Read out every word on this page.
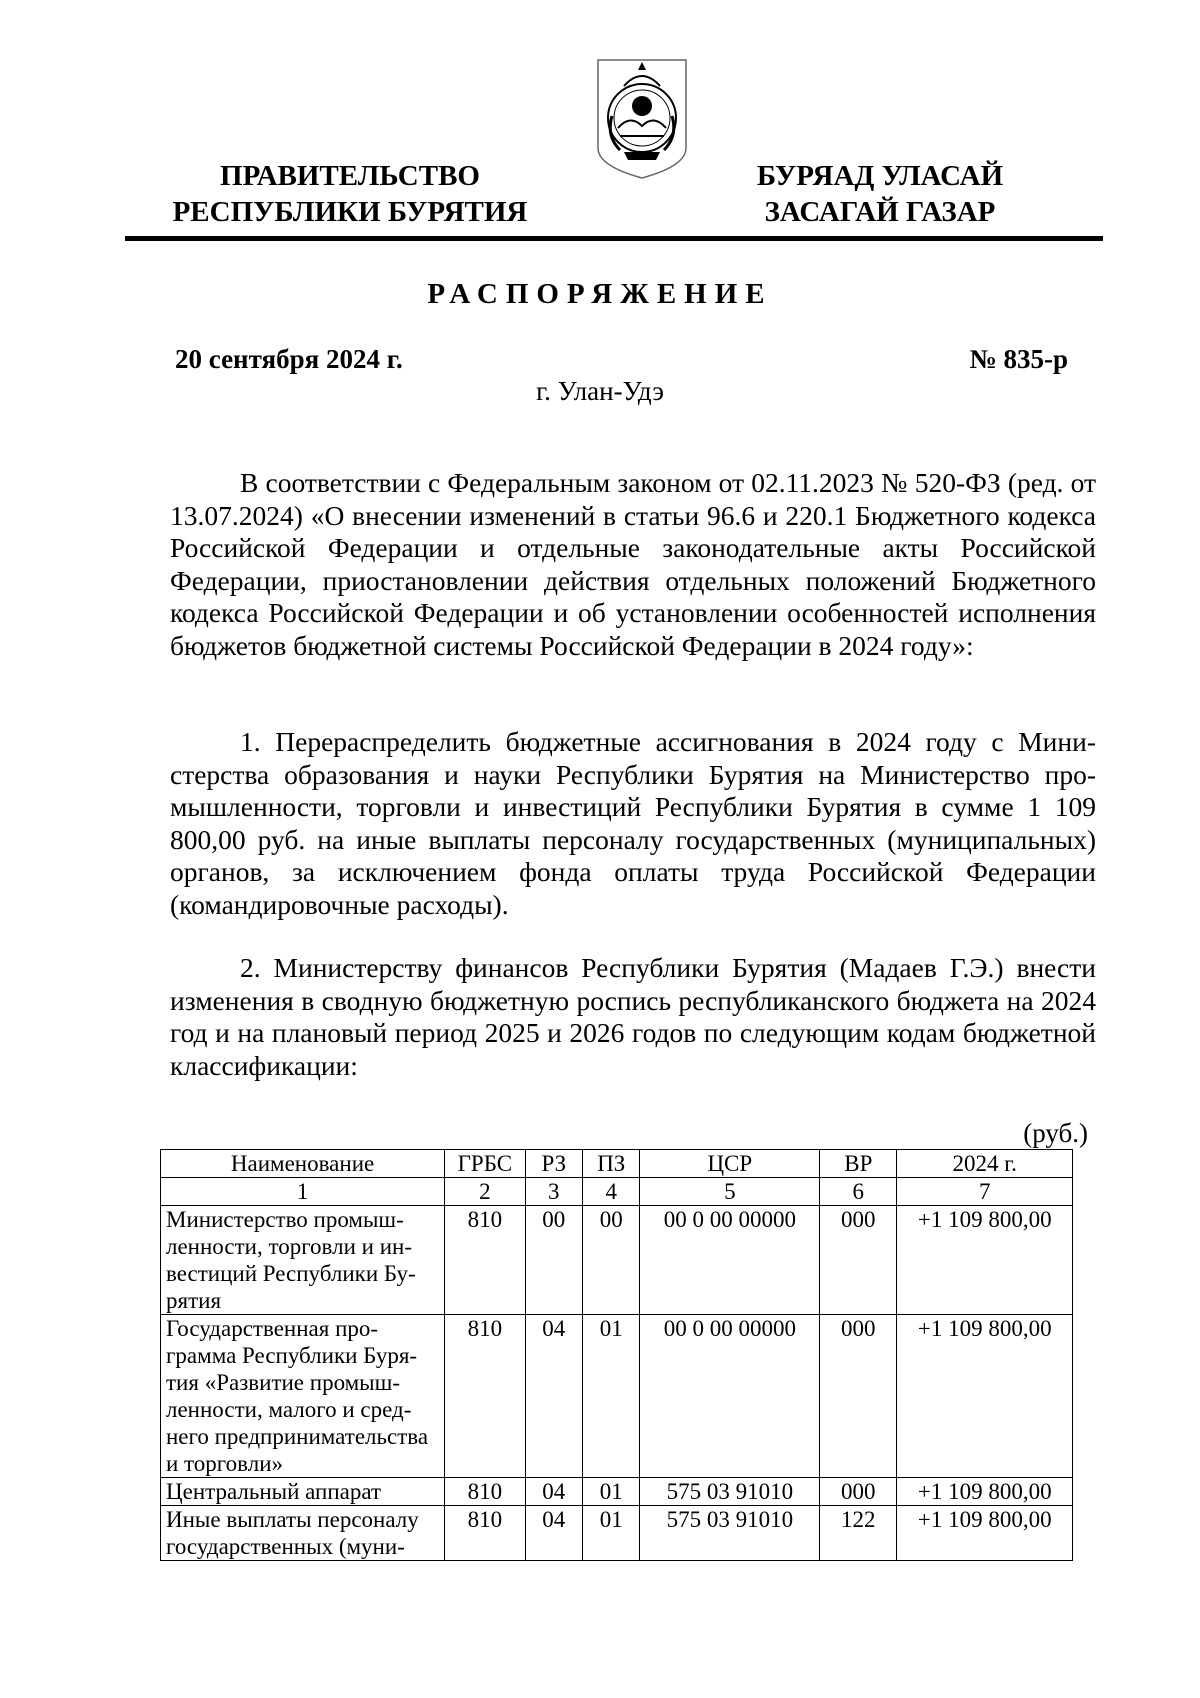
ПРАВИТЕЛЬСТВО
РЕСПУБЛИКИ БУРЯТИЯ
БУРЯАД УЛАСАЙ
ЗАСАГАЙ ГАЗАР
РАСПОРЯЖЕНИЕ
20 сентября 2024 г.	№ 835-р
г. Улан-Удэ

В соответствии с Федеральным законом от 02.11.2023 № 520-ФЗ (ред. от 13.07.2024) «О внесении изменений в статьи 96.6 и 220.1 Бюджетного кодекса Российской Федерации и отдельные законодательные акты Российской Федерации, приостановлении действия отдельных положений Бюджетного кодекса Российской Федерации и об установлении особенностей исполнения бюджетов бюджетной системы Российской Федерации в 2024 году»:

1. Перераспределить бюджетные ассигнования в 2024 году с Министерства образования и науки Республики Бурятия на Министерство промышленности, торговли и инвестиций Республики Бурятия в сумме 1 109 800,00 руб. на иные выплаты персоналу государственных (муниципальных) органов, за исключением фонда оплаты труда Российской Федерации (командировочные расходы).

2. Министерству финансов Республики Бурятия (Мадаев Г.Э.) внести изменения в сводную бюджетную роспись республиканского бюджета на 2024 год и на плановый период 2025 и 2026 годов по следующим кодам бюджетной классификации:

(руб.)
Наименование	ГРБС	РЗ	ПЗ	ЦСР	ВР	2024 г.
1	2	3	4	5	6	7
Министерство промышленности, торговли и инвестиций Республики Бурятия	810	00	00	00 0 00 00000	000	+1 109 800,00
Государственная программа Республики Бурятия «Развитие промышленности, малого и среднего предпринимательства и торговли»	810	04	01	00 0 00 00000	000	+1 109 800,00
Центральный аппарат	810	04	01	575 03 91010	000	+1 109 800,00
Иные выплаты персоналу государственных (муни-	810	04	01	575 03 91010	122	+1 109 800,00
